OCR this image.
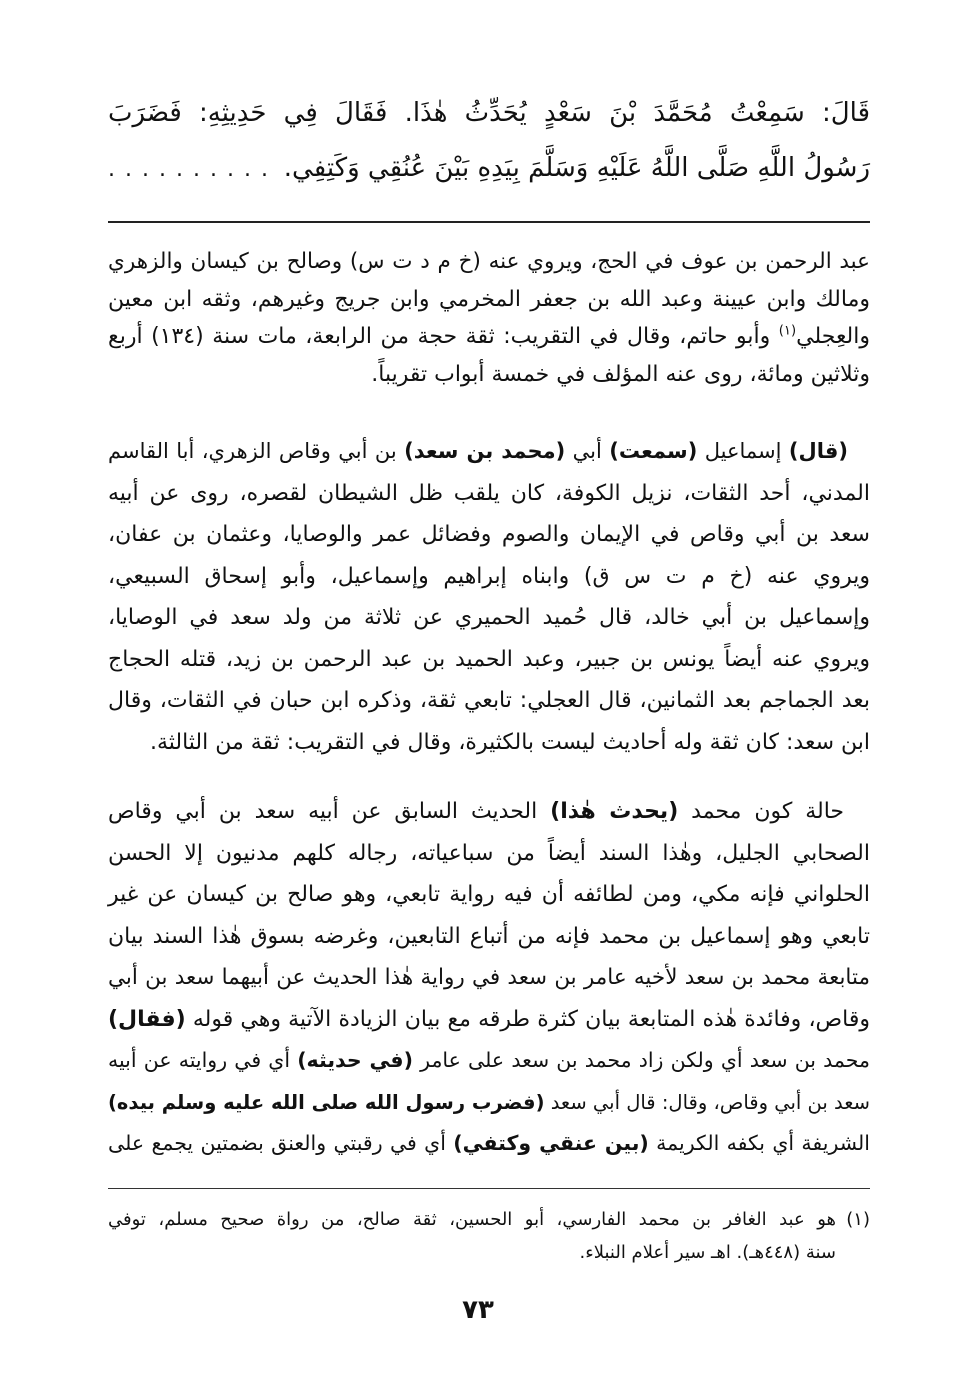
قَالَ: سَمِعْتُ مُحَمَّدَ بْنَ سَعْدٍ يُحَدِّثُ هٰذَا. فَقَالَ فِي حَدِيثِهِ: فَضَرَبَ
رَسُولُ اللَّهِ صَلَّى اللَّهُ عَلَيْهِ وَسَلَّمَ بِيَدِهِ بَيْنَ عُنُقِي وَكَتِفِي.
..........
عبد الرحمن بن عوف في الحج، ويروي عنه (خ م د ت س) وصالح بن كيسان والزهري
ومالك وابن عيينة وعبد الله بن جعفر المخرمي وابن جريج وغيرهم، وثقه ابن معين
والعِجلي$^{(١)}$ وأبو حاتم، وقال في التقريب: ثقة حجة من الرابعة، مات سنة (١٣٤) أربع
وثلاثين ومائة، روى عنه المؤلف في خمسة أبواب تقريباً.
(قال) إسماعيل (سمعت) أبي (محمد بن سعد) بن أبي وقاص الزهري، أبا القاسم
المدني، أحد الثقات، نزيل الكوفة، كان يلقب ظل الشيطان لقصره، روى عن أبيه
سعد بن أبي وقاص في الإيمان والصوم وفضائل عمر والوصايا، وعثمان بن عفان،
ويروي عنه (خ م ت س ق) وابناه إبراهيم وإسماعيل، وأبو إسحاق السبيعي،
وإسماعيل بن أبي خالد، قال حُميد الحميري عن ثلاثة من ولد سعد في الوصايا،
ويروي عنه أيضاً يونس بن جبير، وعبد الحميد بن عبد الرحمن بن زيد، قتله الحجاج
بعد الجماجم بعد الثمانين، قال العجلي: تابعي ثقة، وذكره ابن حبان في الثقات، وقال
ابن سعد: كان ثقة وله أحاديث ليست بالكثيرة، وقال في التقريب: ثقة من الثالثة.
حالة كون محمد (يحدث هٰذا) الحديث السابق عن أبيه سعد بن أبي وقاص
الصحابي الجليل، وهٰذا السند أيضاً من سباعياته، رجاله كلهم مدنيون إلا الحسن
الحلواني فإنه مكي، ومن لطائفه أن فيه رواية تابعي، وهو صالح بن كيسان عن غير
تابعي وهو إسماعيل بن محمد فإنه من أتباع التابعين، وغرضه بسوق هٰذا السند بيان
متابعة محمد بن سعد لأخيه عامر بن سعد في رواية هٰذا الحديث عن أبيهما سعد بن أبي
وقاص، وفائدة هٰذه المتابعة بيان كثرة طرقه مع بيان الزيادة الآتية وهي قوله (فقال)
محمد بن سعد أي ولكن زاد محمد بن سعد على عامر (في حديثه) أي في روايته عن أبيه
سعد بن أبي وقاص، وقال: قال أبي سعد (فضرب رسول الله صلى الله عليه وسلم بيده)
الشريفة أي بكفه الكريمة (بين عنقي وكتفي) أي في رقبتي والعنق بضمتين يجمع على
(١)
هو عبد الغافر بن محمد الفارسي، أبو الحسين، ثقة صالح، من رواة صحيح مسلم، توفي
سنة (٤٤٨هـ). اهـ سير أعلام النبلاء.
٧٣
